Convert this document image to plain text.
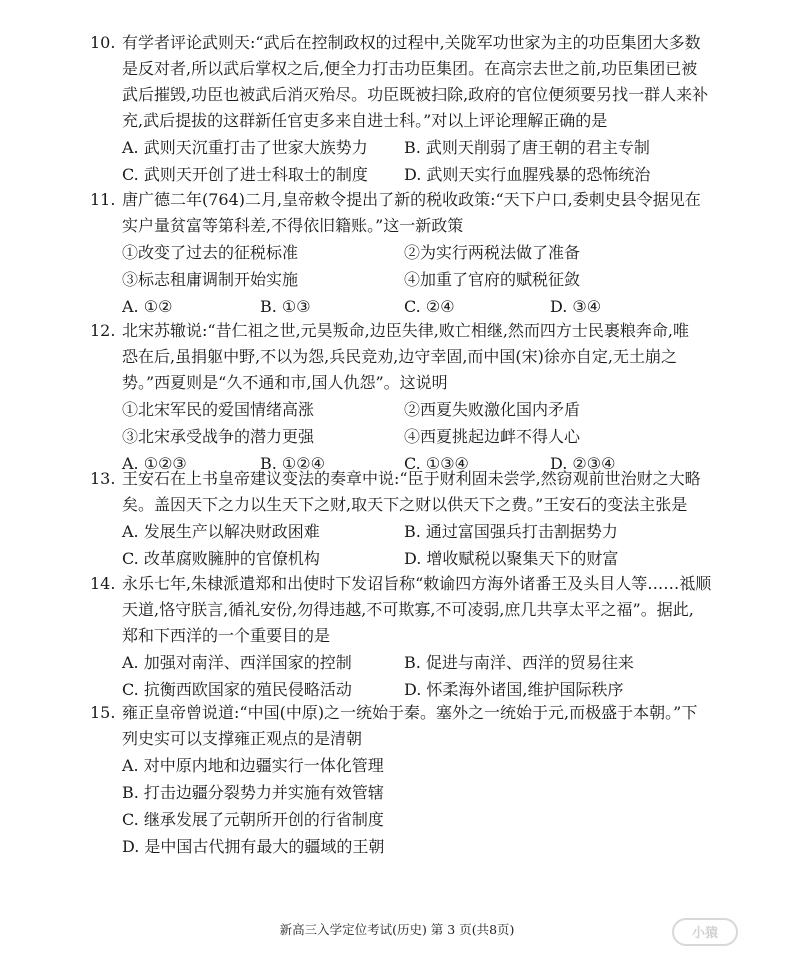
10. 有学者评论武则天:“武后在控制政权的过程中,关陇军功世家为主的功臣集团大多数
是反对者,所以武后掌权之后,便全力打击功臣集团。在高宗去世之前,功臣集团已被
武后摧毁,功臣也被武后消灭殆尽。功臣既被扫除,政府的官位便须要另找一群人来补
充,武后提拔的这群新任官吏多来自进士科。”对以上评论理解正确的是
A. 武则天沉重打击了世家大族势力 B. 武则天削弱了唐王朝的君主专制
C. 武则天开创了进士科取士的制度 D. 武则天实行血腥残暴的恐怖统治
11. 唐广德二年(764)二月,皇帝敕令提出了新的税收政策:“天下户口,委刺史县令据见在
实户量贫富等第科差,不得依旧籍账。”这一新政策
①改变了过去的征税标准	②为实行两税法做了准备
③标志租庸调制开始实施	④加重了官府的赋税征敛
A. ①②	B. ①③	C. ②④	D. ③④
12. 北宋苏辙说:“昔仁祖之世,元昊叛命,边臣失律,败亡相继,然而四方士民裹粮奔命,唯
恐在后,虽捐躯中野,不以为怨,兵民竞劝,边守幸固,而中国(宋)徐亦自定,无土崩之
势。”西夏则是“久不通和市,国人仇怨”。这说明
①北宋军民的爱国情绪高涨	②西夏失败激化国内矛盾
③北宋承受战争的潜力更强	④西夏挑起边衅不得人心
A. ①②③	B. ①②④	C. ①③④	D. ②③④
13. 王安石在上书皇帝建议变法的奏章中说:“臣于财利固未尝学,然窃观前世治财之大略
矣。盖因天下之力以生天下之财,取天下之财以供天下之费。”王安石的变法主张是
A. 发展生产以解决财政困难	B. 通过富国强兵打击割据势力
C. 改革腐败臃肿的官僚机构	D. 增收赋税以聚集天下的财富
14. 永乐七年,朱棣派遣郑和出使时下发诏旨称“敕谕四方海外诸番王及头目人等……祗顺
天道,恪守朕言,循礼安份,勿得违越,不可欺寡,不可凌弱,庶几共享太平之福”。据此,
郑和下西洋的一个重要目的是
A. 加强对南洋、西洋国家的控制	B. 促进与南洋、西洋的贸易往来
C. 抗衡西欧国家的殖民侵略活动	D. 怀柔海外诸国,维护国际秩序
15. 雍正皇帝曾说道:“中国(中原)之一统始于秦。塞外之一统始于元,而极盛于本朝。”下
列史实可以支撑雍正观点的是清朝
A. 对中原内地和边疆实行一体化管理
B. 打击边疆分裂势力并实施有效管辖
C. 继承发展了元朝所开创的行省制度
D. 是中国古代拥有最大的疆域的王朝
新高三入学定位考试(历史) 第 3 页(共8页)	小猿
